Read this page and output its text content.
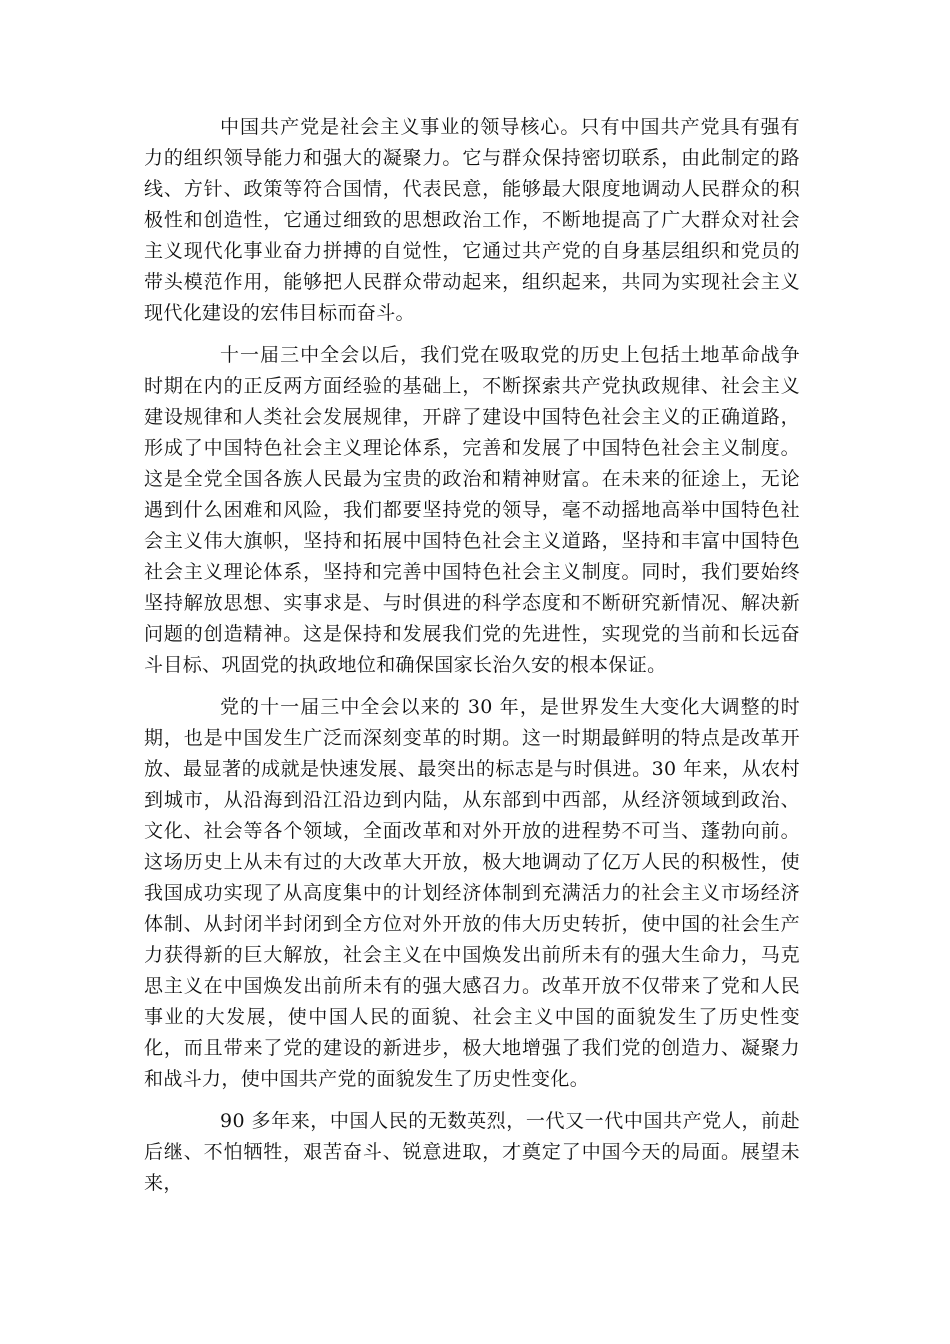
中国共产党是社会主义事业的领导核心。只有中国共产党具有强有力的组织领导能力和强大的凝聚力。它与群众保持密切联系，由此制定的路线、方针、政策等符合国情，代表民意，能够最大限度地调动人民群众的积极性和创造性，它通过细致的思想政治工作，不断地提高了广大群众对社会主义现代化事业奋力拼搏的自觉性，它通过共产党的自身基层组织和党员的带头模范作用，能够把人民群众带动起来，组织起来，共同为实现社会主义现代化建设的宏伟目标而奋斗。

十一届三中全会以后，我们党在吸取党的历史上包括土地革命战争时期在内的正反两方面经验的基础上，不断探索共产党执政规律、社会主义建设规律和人类社会发展规律，开辟了建设中国特色社会主义的正确道路，形成了中国特色社会主义理论体系，完善和发展了中国特色社会主义制度。这是全党全国各族人民最为宝贵的政治和精神财富。在未来的征途上，无论遇到什么困难和风险，我们都要坚持党的领导，毫不动摇地高举中国特色社会主义伟大旗帜，坚持和拓展中国特色社会主义道路，坚持和丰富中国特色社会主义理论体系，坚持和完善中国特色社会主义制度。同时，我们要始终坚持解放思想、实事求是、与时俱进的科学态度和不断研究新情况、解决新问题的创造精神。这是保持和发展我们党的先进性，实现党的当前和长远奋斗目标、巩固党的执政地位和确保国家长治久安的根本保证。

党的十一届三中全会以来的 30 年，是世界发生大变化大调整的时期，也是中国发生广泛而深刻变革的时期。这一时期最鲜明的特点是改革开放、最显著的成就是快速发展、最突出的标志是与时俱进。30 年来，从农村到城市，从沿海到沿江沿边到内陆，从东部到中西部，从经济领域到政治、文化、社会等各个领域，全面改革和对外开放的进程势不可当、蓬勃向前。这场历史上从未有过的大改革大开放，极大地调动了亿万人民的积极性，使我国成功实现了从高度集中的计划经济体制到充满活力的社会主义市场经济体制、从封闭半封闭到全方位对外开放的伟大历史转折，使中国的社会生产力获得新的巨大解放，社会主义在中国焕发出前所未有的强大生命力，马克思主义在中国焕发出前所未有的强大感召力。改革开放不仅带来了党和人民事业的大发展，使中国人民的面貌、社会主义中国的面貌发生了历史性变化，而且带来了党的建设的新进步，极大地增强了我们党的创造力、凝聚力和战斗力，使中国共产党的面貌发生了历史性变化。

90 多年来，中国人民的无数英烈，一代又一代中国共产党人，前赴后继、不怕牺牲，艰苦奋斗、锐意进取，才奠定了中国今天的局面。展望未来，
